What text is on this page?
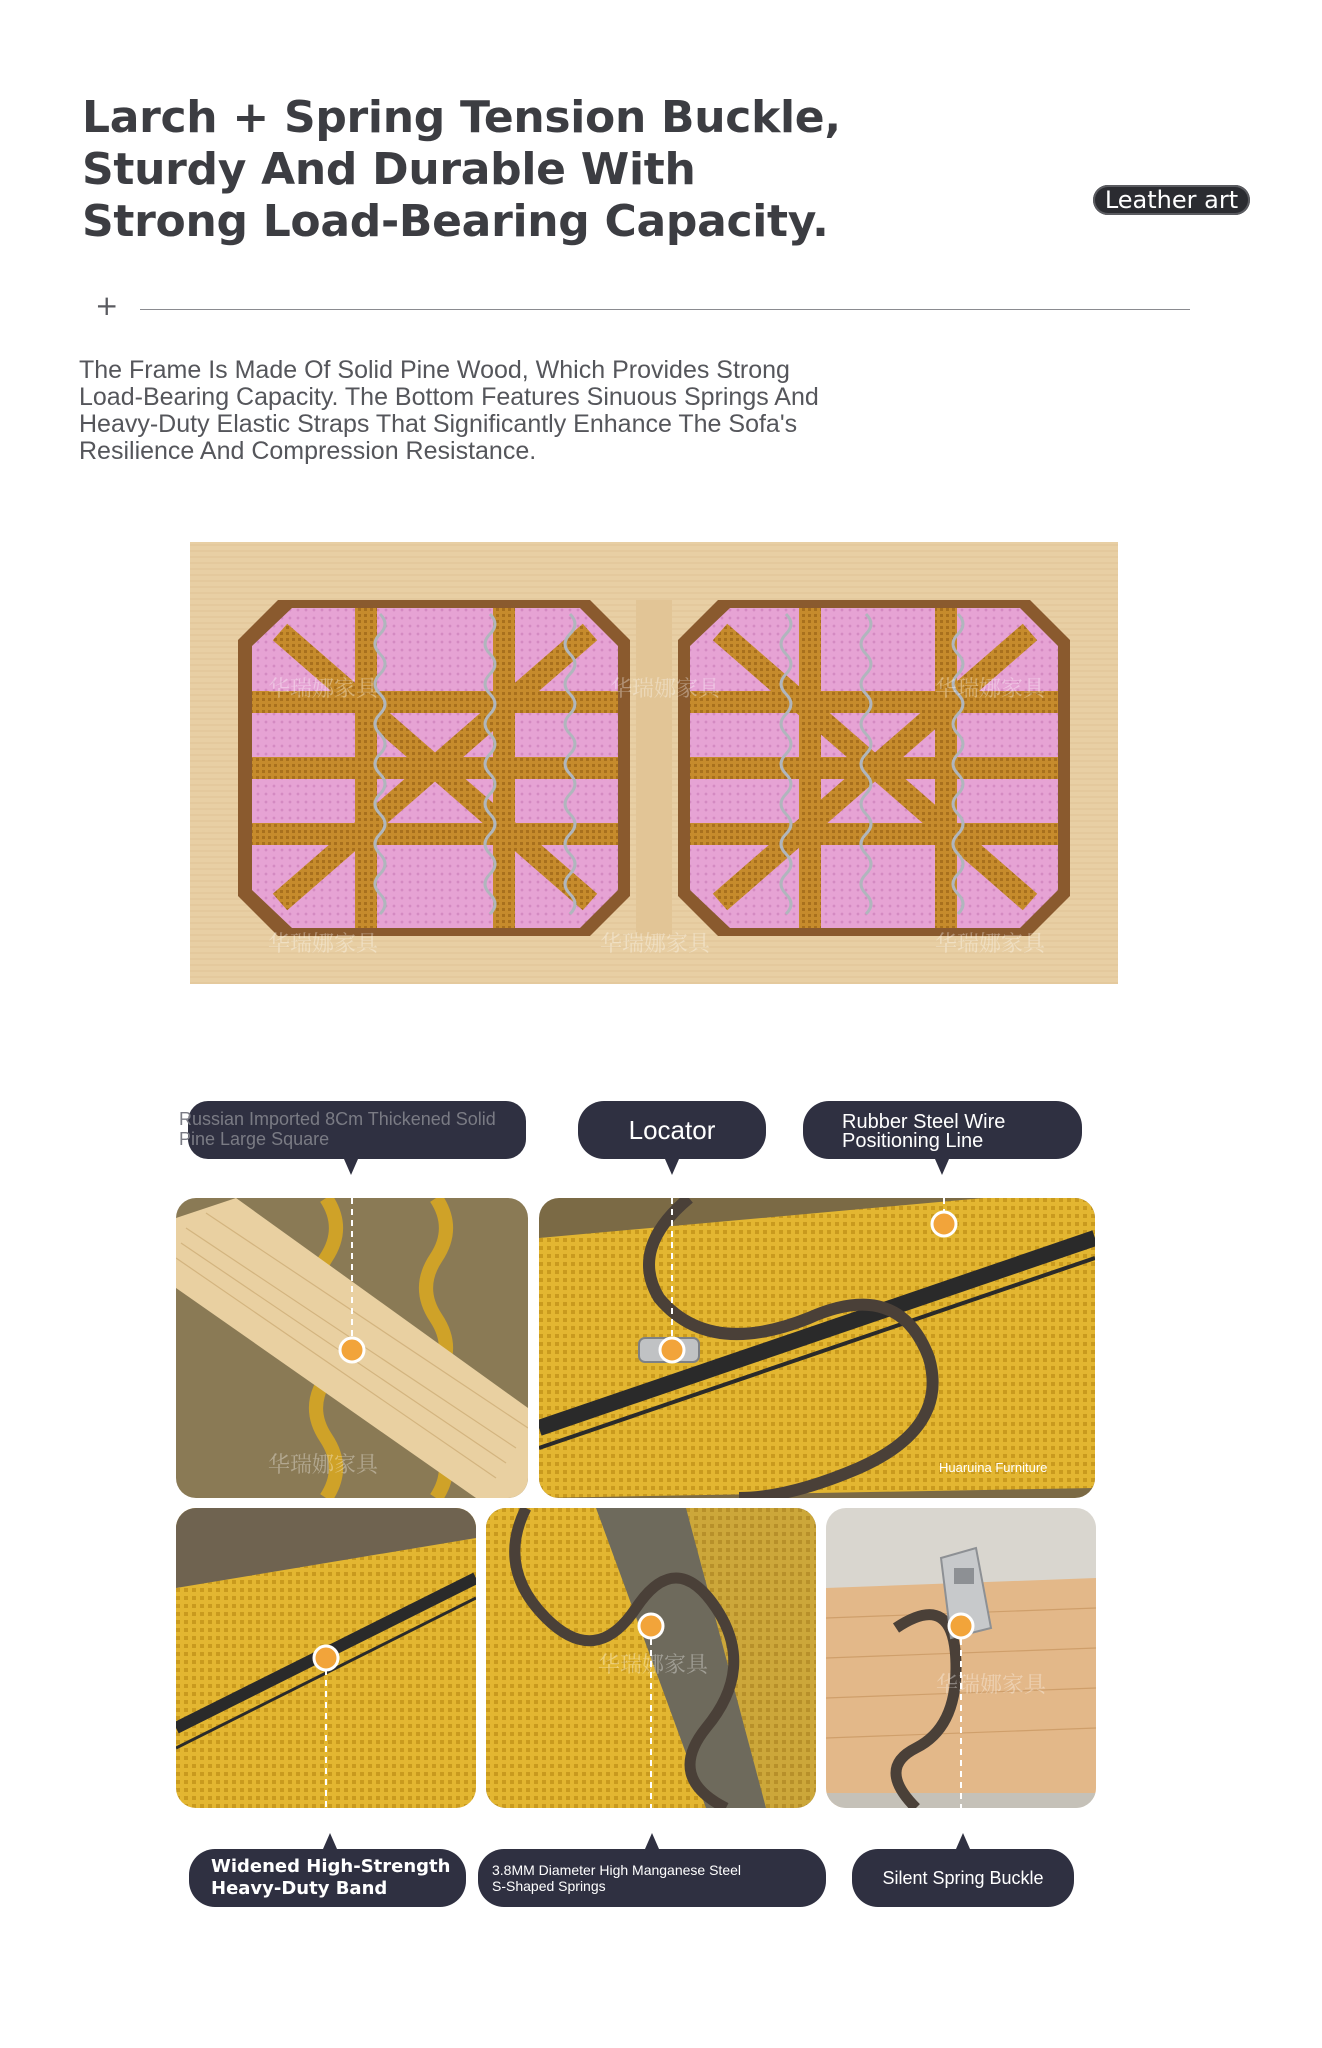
Larch + Spring Tension Buckle,
Sturdy And Durable With
Strong Load-Bearing Capacity.	Leather art
+

The Frame Is Made Of Solid Pine Wood, Which Provides Strong
Load-Bearing Capacity. The Bottom Features Sinuous Springs And
Heavy-Duty Elastic Straps That Significantly Enhance The Sofa's
Resilience And Compression Resistance.

华瑞娜家具	华瑞娜家具	华瑞娜家具
华瑞娜家具	华瑞娜家具	华瑞娜家具
Russian Imported 8Cm Thickened Solid
Pine Large Square	Locator	Rubber Steel Wire
Positioning Line
华瑞娜家具	Huaruina Furniture
华瑞娜家具
华瑞娜家具
Widened High-Strength
Heavy-Duty Band
3.8MM Diameter High Manganese Steel
S-Shaped Springs	Silent Spring Buckle
